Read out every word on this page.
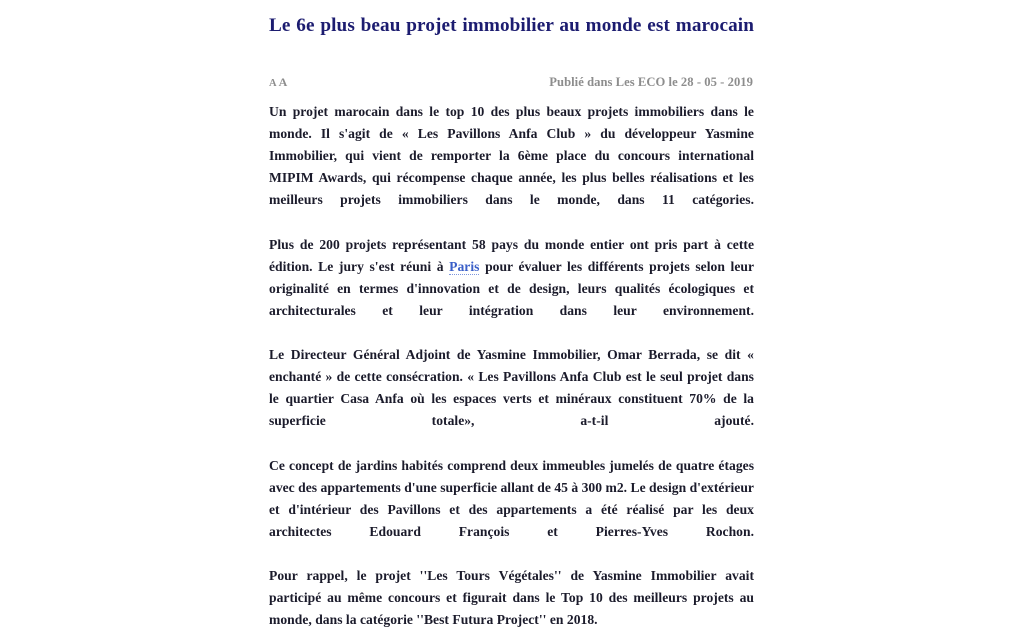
Le 6e plus beau projet immobilier au monde est marocain
A A	Publié dans Les ECO le 28 - 05 - 2019

Un projet marocain dans le top 10 des plus beaux projets immobiliers dans le monde. Il s'agit de « Les Pavillons Anfa Club » du développeur Yasmine Immobilier, qui vient de remporter la 6ème place du concours international MIPIM Awards, qui récompense chaque année, les plus belles réalisations et les meilleurs projets immobiliers dans le monde, dans 11 catégories.

Plus de 200 projets représentant 58 pays du monde entier ont pris part à cette édition. Le jury s'est réuni à Paris pour évaluer les différents projets selon leur originalité en termes d'innovation et de design, leurs qualités écologiques et architecturales et leur intégration dans leur environnement.

Le Directeur Général Adjoint de Yasmine Immobilier, Omar Berrada, se dit « enchanté » de cette consécration. « Les Pavillons Anfa Club est le seul projet dans le quartier Casa Anfa où les espaces verts et minéraux constituent 70% de la superficie totale», a-t-il ajouté.

Ce concept de jardins habités comprend deux immeubles jumelés de quatre étages avec des appartements d'une superficie allant de 45 à 300 m2. Le design d'extérieur et d'intérieur des Pavillons et des appartements a été réalisé par les deux architectes Edouard François et Pierres-Yves Rochon.

Pour rappel, le projet ''Les Tours Végétales'' de Yasmine Immobilier avait participé au même concours et figurait dans le Top 10 des meilleurs projets au monde, dans la catégorie ''Best Futura Project'' en 2018.
